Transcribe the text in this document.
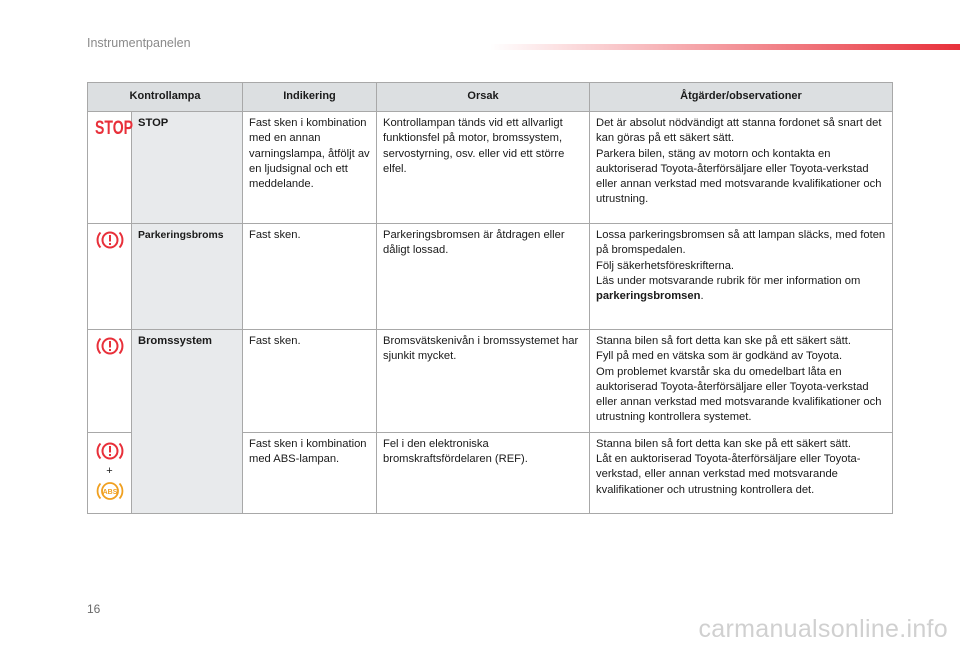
Instrumentpanelen
Kontrollampa		Indikering	Orsak	Åtgärder/observationer

STOP	STOP	Fast sken i kombination med en annan varningslampa, åtföljt av en ljudsignal och ett meddelande.	Kontrollampan tänds vid ett allvarligt funktionsfel på motor, bromssystem, servostyrning, osv. eller vid ett större elfel.	Det är absolut nödvändigt att stanna fordonet så snart det kan göras på ett säkert sätt.
Parkera bilen, stäng av motorn och kontakta en auktoriserad Toyota-återförsäljare eller Toyota-verkstad eller annan verkstad med motsvarande kvalifikationer och utrustning.

	Parkeringsbroms	Fast sken.	Parkeringsbromsen är åtdragen eller dåligt lossad.	Lossa parkeringsbromsen så att lampan släcks, med foten på bromspedalen.
Följ säkerhetsföreskrifterna.
Läs under motsvarande rubrik för mer information om parkeringsbromsen.

	Bromssystem	Fast sken.	Bromsvätskenivån i bromssystemet har sjunkit mycket.	Stanna bilen så fort detta kan ske på ett säkert sätt.
Fyll på med en vätska som är godkänd av Toyota.
Om problemet kvarstår ska du omedelbart låta en auktoriserad Toyota-återförsäljare eller Toyota-verkstad eller annan verkstad med motsvarande kvalifikationer och utrustning kontrollera systemet.

+
ABS		Fast sken i kombination med ABS-lampan.	Fel i den elektroniska bromskraftsfördelaren (REF).	Stanna bilen så fort detta kan ske på ett säkert sätt.
Låt en auktoriserad Toyota-återförsäljare eller Toyota-verkstad, eller annan verkstad med motsvarande kvalifikationer och utrustning kontrollera det.
16
carmanualsonline.info
